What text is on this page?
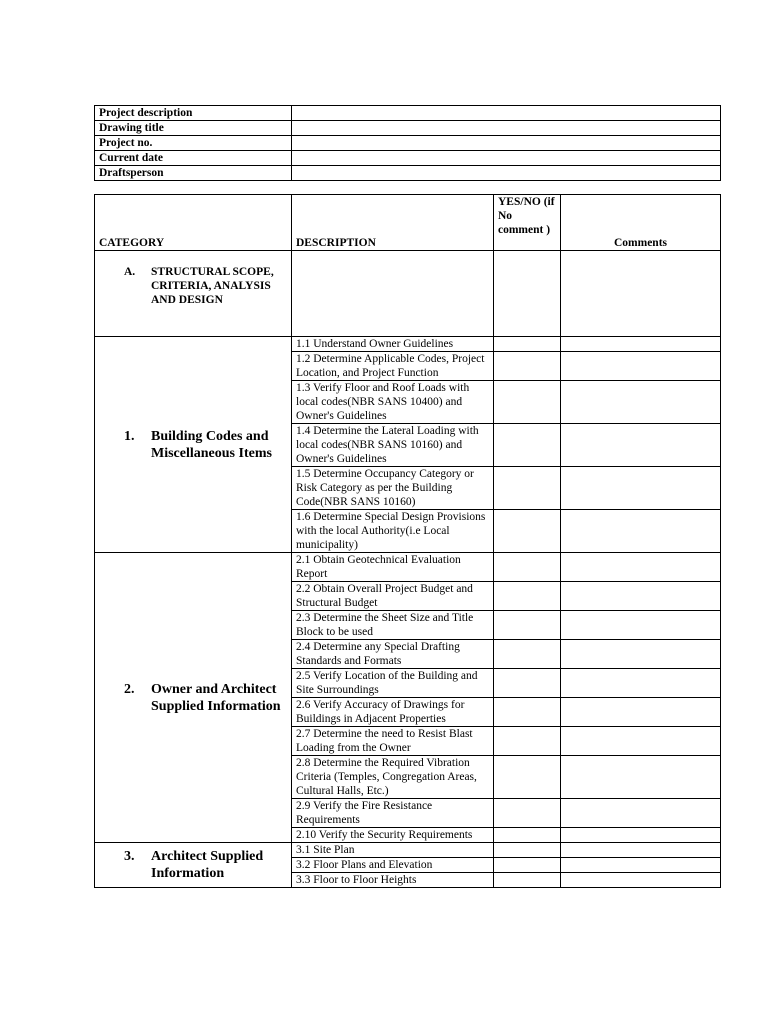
Project description	
Drawing title	
Project no.	
Current date	
Draftsperson	
CATEGORY	DESCRIPTION	YES/NO (if No comment )	Comments

A. STRUCTURAL SCOPE, CRITERIA, ANALYSIS AND DESIGN			

1. Building Codes and Miscellaneous Items	1.1 Understand Owner Guidelines		
	1.2 Determine Applicable Codes, Project Location, and Project Function		
	1.3 Verify Floor and Roof Loads with local codes(NBR SANS 10400) and Owner's Guidelines		
	1.4 Determine the Lateral Loading with local codes(NBR SANS 10160) and Owner's Guidelines		
	1.5 Determine Occupancy Category or Risk Category as per the Building Code(NBR SANS 10160)		
	1.6 Determine Special Design Provisions with the local Authority(i.e Local municipality)		

2. Owner and Architect Supplied Information	2.1 Obtain Geotechnical Evaluation Report		
	2.2 Obtain Overall Project Budget and Structural Budget		
	2.3 Determine the Sheet Size and Title Block to be used		
	2.4 Determine any Special Drafting Standards and Formats		
	2.5 Verify Location of the Building and Site Surroundings		
	2.6 Verify Accuracy of Drawings for Buildings in Adjacent Properties		
	2.7 Determine the need to Resist Blast Loading from the Owner		
	2.8 Determine the Required Vibration Criteria (Temples, Congregation Areas, Cultural Halls, Etc.)		
	2.9 Verify the Fire Resistance Requirements		
	2.10 Verify the Security Requirements		

3. Architect Supplied Information	3.1 Site Plan		
	3.2 Floor Plans and Elevation		
	3.3 Floor to Floor Heights		
